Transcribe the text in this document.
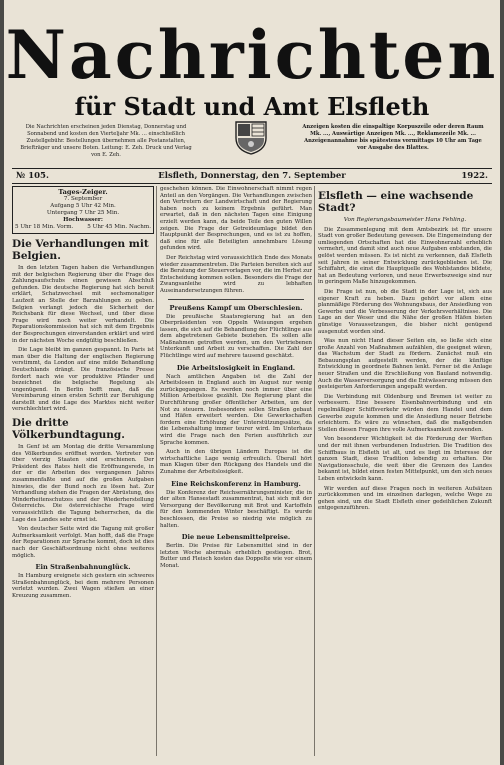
Nachrichten
für Stadt und Amt Elsfleth
Die Nachrichten erscheinen jeden Dienstag, Donnerstag und Sonnabend und kosten den Vierteljahr Mk. ... einschließlich Zustellgebühr. Bestellungen übernehmen alle Postanstalten, Briefträger und unsere Boten. Leitung: E. Zeh. Druck und Verlag von E. Zeh.
Anzeigen kosten die einspaltige Korpuszeile oder deren Raum Mk. ..., Auswärtige Anzeigen Mk. ..., Reklamezeile Mk. ... Anzeigenannahme bis spätestens vormittags 10 Uhr am Tage vor Ausgabe des Blattes.
№ 105.	Elsfleth, Donnerstag, den 7. September	1922.
Tages-Zeiger.
7. September
Aufgang 5 Uhr 42 Min.
Untergang 7 Uhr 25 Min.
Hochwasser:
5 Uhr 18 Min. Vorm. 5 Uhr 45 Min. Nachm.
Die Verhandlungen mit Belgien.

In den letzten Tagen haben die Verhandlungen mit der belgischen Regierung über die Frage des Zahlungsaufschubs einen gewissen Abschluß gefunden. Die deutsche Regierung hat sich bereit erklärt, Schatzwechsel mit sechsmonatiger Laufzeit an Stelle der Barzahlungen zu geben. Belgien verlangt jedoch die Sicherheit der Reichsbank für diese Wechsel, und über diese Frage wird noch weiter verhandelt. Die Reparationskommission hat sich mit dem Ergebnis der Besprechungen einverstanden erklärt und wird in der nächsten Woche endgültig beschließen.

Die Lage bleibt im ganzen gespannt. In Paris ist man über die Haltung der englischen Regierung verstimmt, da London auf eine milde Behandlung Deutschlands drängt. Die französische Presse fordert nach wie vor produktive Pfänder und bezeichnet die belgische Regelung als ungenügend. In Berlin hofft man, daß die Vereinbarung einen ersten Schritt zur Beruhigung darstellt und die Lage des Marktes nicht weiter verschlechtert wird.

Die dritte Völkerbundtagung.

In Genf ist am Montag die dritte Versammlung des Völkerbundes eröffnet worden. Vertreter von über vierzig Staaten sind erschienen. Der Präsident des Rates hielt die Eröffnungsrede, in der er die Arbeiten des vergangenen Jahres zusammenfaßte und auf die großen Aufgaben hinwies, die der Bund noch zu lösen hat. Zur Verhandlung stehen die Fragen der Abrüstung, des Minderheitenschutzes und der Wiederherstellung Österreichs. Die österreichische Frage wird voraussichtlich die Tagung beherrschen, da die Lage des Landes sehr ernst ist.

Von deutscher Seite wird die Tagung mit großer Aufmerksamkeit verfolgt. Man hofft, daß die Frage der Reparationen zur Sprache kommt, doch ist dies nach der Geschäftsordnung nicht ohne weiteres möglich.

Ein Straßenbahnunglück.

In Hamburg ereignete sich gestern ein schweres Straßenbahnunglück, bei dem mehrere Personen verletzt wurden. Zwei Wagen stießen an einer Kreuzung zusammen.

geschehen können. Die Einwohnerschaft nimmt regen Anteil an den Vorgängen. Die Verhandlungen zwischen den Vertretern der Landwirtschaft und der Regierung haben noch zu keinem Ergebnis geführt. Man erwartet, daß in den nächsten Tagen eine Einigung erzielt werden kann, da beide Teile den guten Willen zeigen. Die Frage der Getreideumlage bildet den Hauptpunkt der Besprechungen, und es ist zu hoffen, daß eine für alle Beteiligten annehmbare Lösung gefunden wird.

Der Reichstag wird voraussichtlich Ende des Monats wieder zusammentreten. Die Parteien bereiten sich auf die Beratung der Steuervorlagen vor, die im Herbst zur Entscheidung kommen sollen. Besonders die Frage der Zwangsanleihe wird zu lebhaften Auseinandersetzungen führen.

Preußens Kampf um Oberschlesien.

Die preußische Staatsregierung hat an den Oberpräsidenten von Oppeln Weisungen ergehen lassen, die sich auf die Behandlung der Flüchtlinge aus dem abgetretenen Gebiete beziehen. Es sollen alle Maßnahmen getroffen werden, um den Vertriebenen Unterkunft und Arbeit zu verschaffen. Die Zahl der Flüchtlinge wird auf mehrere tausend geschätzt.

Die Arbeitslosigkeit in England.

Nach amtlichen Angaben ist die Zahl der Arbeitslosen in England auch im August nur wenig zurückgegangen. Es werden noch immer über eine Million Arbeitslose gezählt. Die Regierung plant die Durchführung großer öffentlicher Arbeiten, um der Not zu steuern. Insbesondere sollen Straßen gebaut und Häfen erweitert werden. Die Gewerkschaften fordern eine Erhöhung der Unterstützungssätze, da die Lebenshaltung immer teurer wird. Im Unterhaus wird die Frage nach den Ferien ausführlich zur Sprache kommen.

Auch in den übrigen Ländern Europas ist die wirtschaftliche Lage wenig erfreulich. Überall hört man Klagen über den Rückgang des Handels und die Zunahme der Arbeitslosigkeit.

Eine Reichskonferenz in Hamburg.

Die Konferenz der Reichsernährungsminister, die in der alten Hansestadt zusammentrat, hat sich mit der Versorgung der Bevölkerung mit Brot und Kartoffeln für den kommenden Winter beschäftigt. Es wurde beschlossen, die Preise so niedrig wie möglich zu halten.

Die neue Lebensmittelpreise.

Berlin. Die Preise für Lebensmittel sind in der letzten Woche abermals erheblich gestiegen. Brot, Butter und Fleisch kosten das Doppelte wie vor einem Monat.

Elsfleth — eine wachsende Stadt?
Von Regierungsbaumeister Hans Fehling.

Die Zusammenlegung mit dem Amtsbezirk ist für unsere Stadt von großer Bedeutung gewesen. Die Eingemeindung der umliegenden Ortschaften hat die Einwohnerzahl erheblich vermehrt, und damit sind auch neue Aufgaben entstanden, die gelöst werden müssen. Es ist nicht zu verkennen, daß Elsfleth seit Jahren in seiner Entwicklung zurückgeblieben ist. Die Schiffahrt, die einst die Hauptquelle des Wohlstandes bildete, hat an Bedeutung verloren, und neue Erwerbszweige sind nur in geringem Maße hinzugekommen.

Die Frage ist nun, ob die Stadt in der Lage ist, sich aus eigener Kraft zu heben. Dazu gehört vor allem eine planmäßige Förderung des Wohnungsbaus, der Ansiedlung von Gewerbe und die Verbesserung der Verkehrsverhältnisse. Die Lage an der Weser und die Nähe der großen Häfen bieten günstige Voraussetzungen, die bisher nicht genügend ausgenutzt worden sind.

Was nun nicht Hand dieser Seiten ein, so ließe sich eine große Anzahl von Maßnahmen aufzählen, die geeignet wären, das Wachstum der Stadt zu fördern. Zunächst muß ein Bebauungsplan aufgestellt werden, der die künftige Entwicklung in geordnete Bahnen lenkt. Ferner ist die Anlage neuer Straßen und die Erschließung von Bauland notwendig. Auch die Wasserversorgung und die Entwässerung müssen den gesteigerten Anforderungen angepaßt werden.

Die Verbindung mit Oldenburg und Bremen ist weiter zu verbessern. Eine bessere Eisenbahnverbindung und ein regelmäßiger Schiffsverkehr würden dem Handel und dem Gewerbe zugute kommen und die Ansiedlung neuer Betriebe erleichtern. Es wäre zu wünschen, daß die maßgebenden Stellen diesen Fragen ihre volle Aufmerksamkeit zuwenden.

Von besonderer Wichtigkeit ist die Förderung der Werften und der mit ihnen verbundenen Industrien. Die Tradition des Schiffbaus in Elsfleth ist alt, und es liegt im Interesse der ganzen Stadt, diese Tradition lebendig zu erhalten. Die Navigationsschule, die weit über die Grenzen des Landes bekannt ist, bildet einen festen Mittelpunkt, um den sich neues Leben entwickeln kann.

Wir werden auf diese Fragen noch in weiteren Aufsätzen zurückkommen und im einzelnen darlegen, welche Wege zu gehen sind, um die Stadt Elsfleth einer gedeihlichen Zukunft entgegenzuführen.
